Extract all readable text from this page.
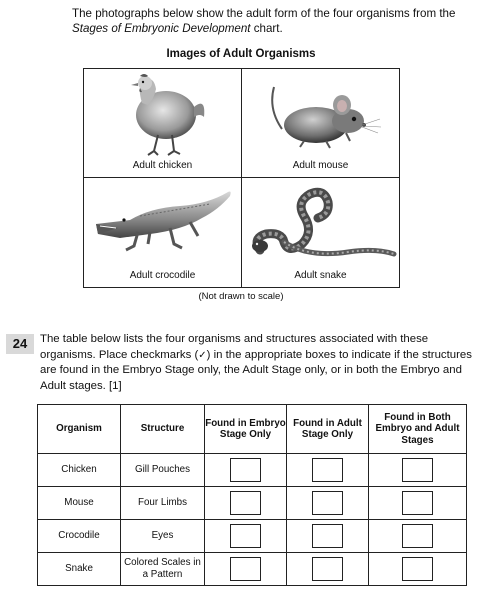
The photographs below show the adult form of the four organisms from the Stages of Embryonic Development chart.
Images of Adult Organisms
Adult chicken	Adult mouse
Adult crocodile	Adult snake
(Not drawn to scale)
24	The table below lists the four organisms and structures associated with these organisms. Place checkmarks (✓) in the appropriate boxes to indicate if the structures are found in the Embryo Stage only, the Adult Stage only, or in both the Embryo and Adult stages. [1]
Organism	Structure	Found in Embryo Stage Only	Found in Adult Stage Only	Found in Both Embryo and Adult Stages
Chicken	Gill Pouches			
Mouse	Four Limbs			
Crocodile	Eyes			
Snake	Colored Scales in a Pattern			
